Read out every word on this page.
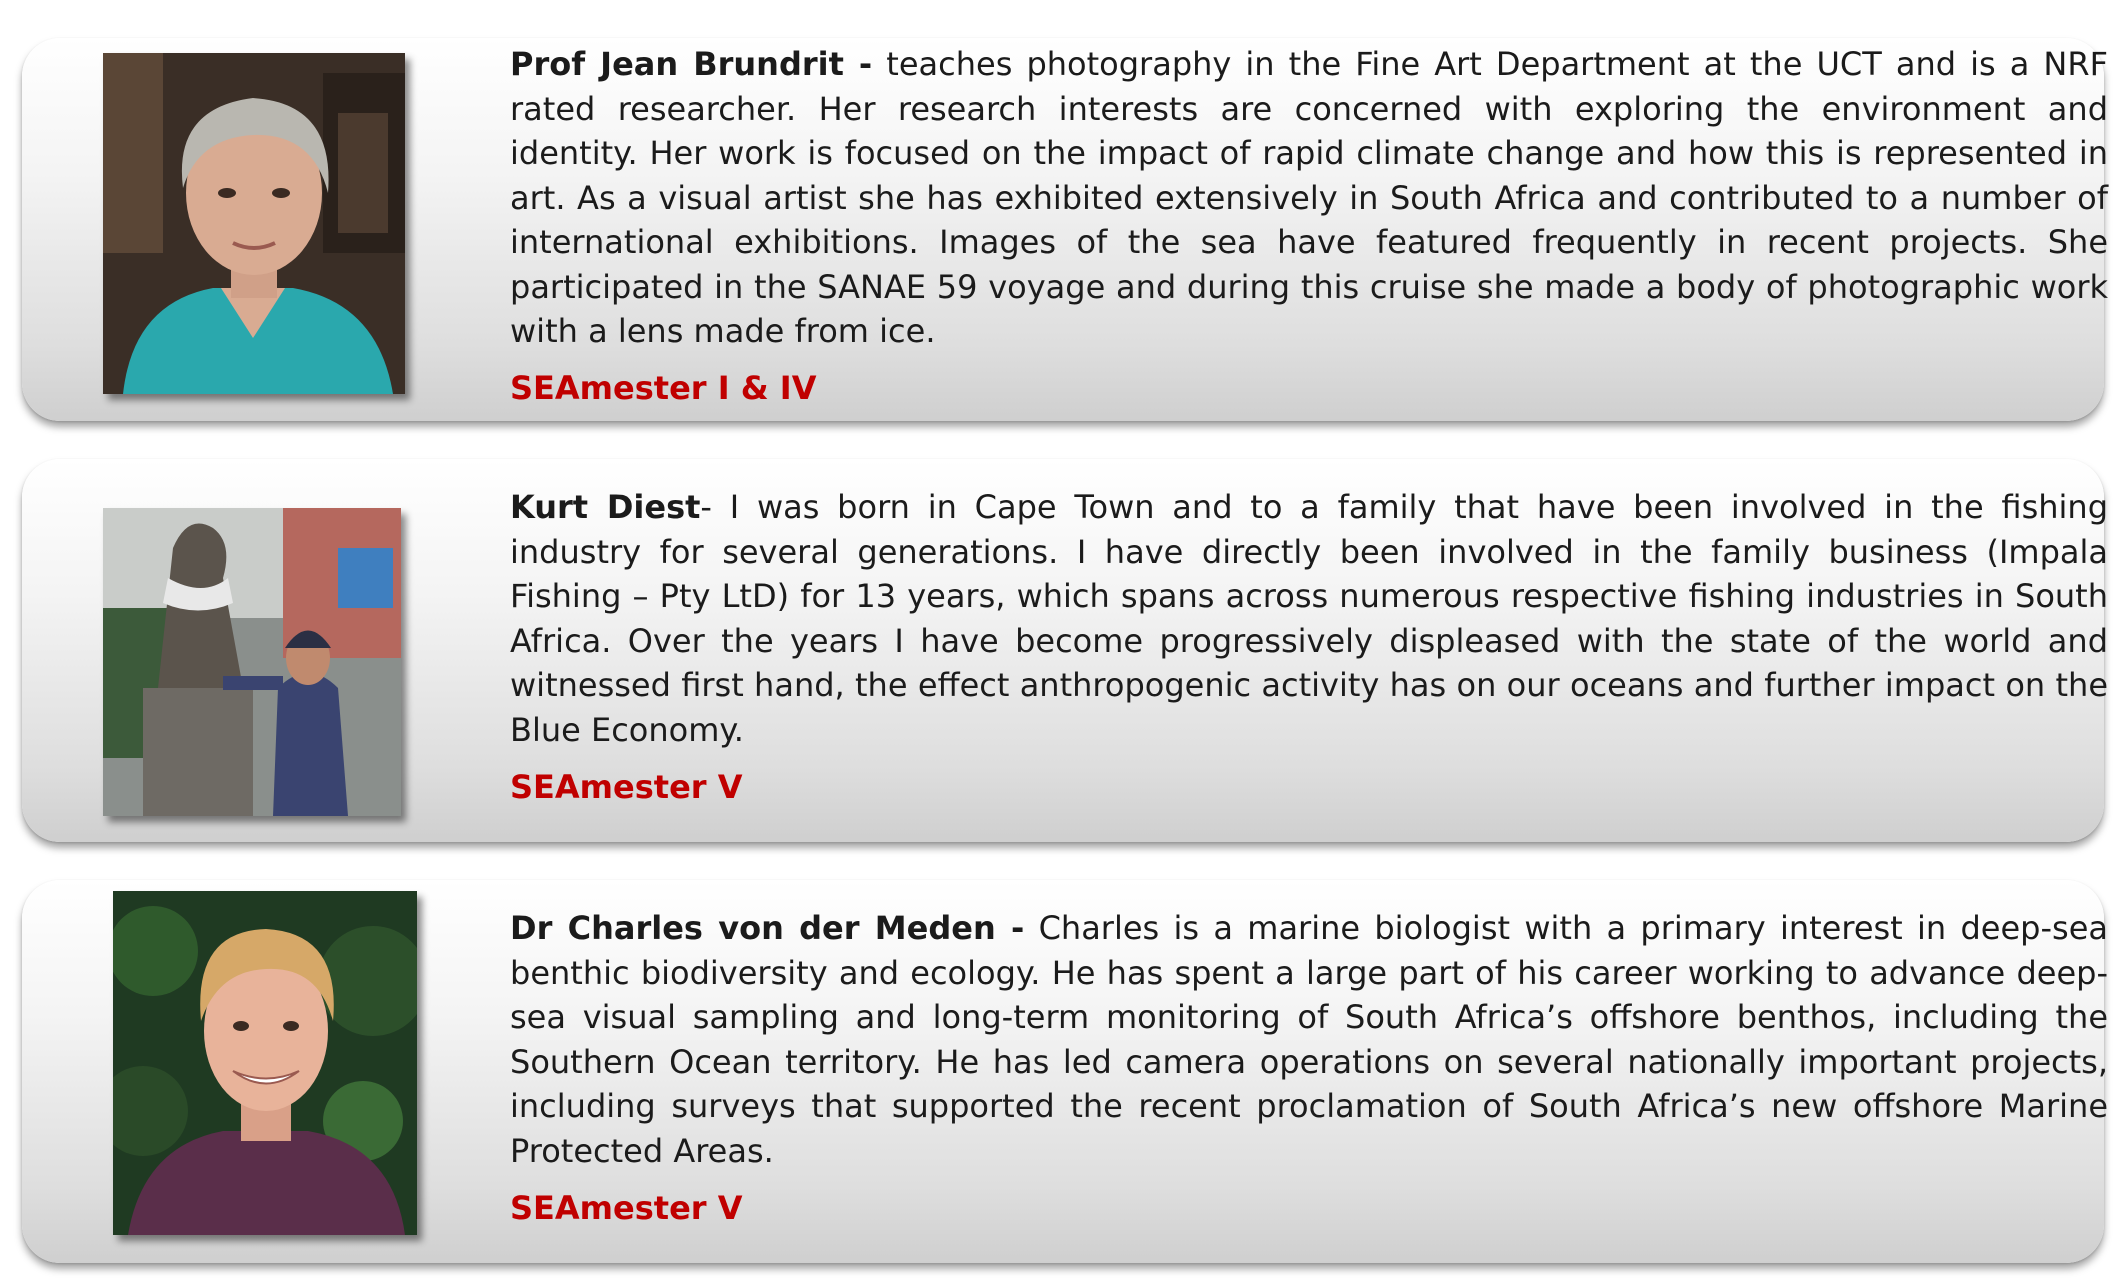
Prof Jean Brundrit - teaches photography in the Fine Art Department at the UCT and is a NRF rated researcher. Her research interests are concerned with exploring the environment and identity. Her work is focused on the impact of rapid climate change and how this is represented in art. As a visual artist she has exhibited extensively in South Africa and contributed to a number of international exhibitions. Images of the sea have featured frequently in recent projects. She participated in the SANAE 59 voyage and during this cruise she made a body of photographic work with a lens made from ice.

SEAmester I & IV

Kurt Diest- I was born in Cape Town and to a family that have been involved in the fishing industry for several generations. I have directly been involved in the family business (Impala Fishing – Pty LtD) for 13 years, which spans across numerous respective fishing industries in South Africa. Over the years I have become progressively displeased with the state of the world and witnessed first hand, the effect anthropogenic activity has on our oceans and further impact on the Blue Economy.

SEAmester V

Dr Charles von der Meden - Charles is a marine biologist with a primary interest in deep-sea benthic biodiversity and ecology. He has spent a large part of his career working to advance deep-sea visual sampling and long-term monitoring of South Africa’s offshore benthos, including the Southern Ocean territory. He has led camera operations on several nationally important projects, including surveys that supported the recent proclamation of South Africa’s new offshore Marine Protected Areas.

SEAmester V
